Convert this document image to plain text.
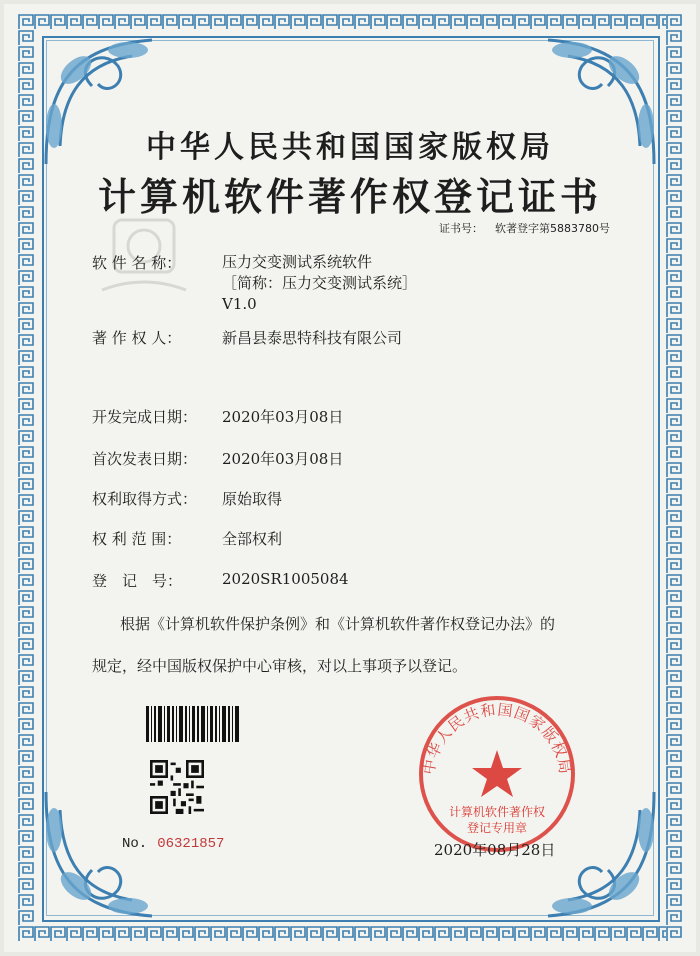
中华人民共和国国家版权局
计算机软件著作权登记证书
证书号： 软著登字第5883780号
软 件 名 称：	压力交变测试系统软件
［简称：压力交变测试系统］
V1.0
著 作 权 人：	新昌县泰思特科技有限公司
开发完成日期：	2020年03月08日
首次发表日期：	2020年03月08日
权利取得方式：	原始取得
权 利 范 围：	全部权利
登　记　号：	2020SR1005084
根据《计算机软件保护条例》和《计算机软件著作权登记办法》的
规定，经中国版权保护中心审核，对以上事项予以登记。
No. 06321857
中华人民共和国国家版权局
计算机软件著作权
登记专用章
2020年08月28日
